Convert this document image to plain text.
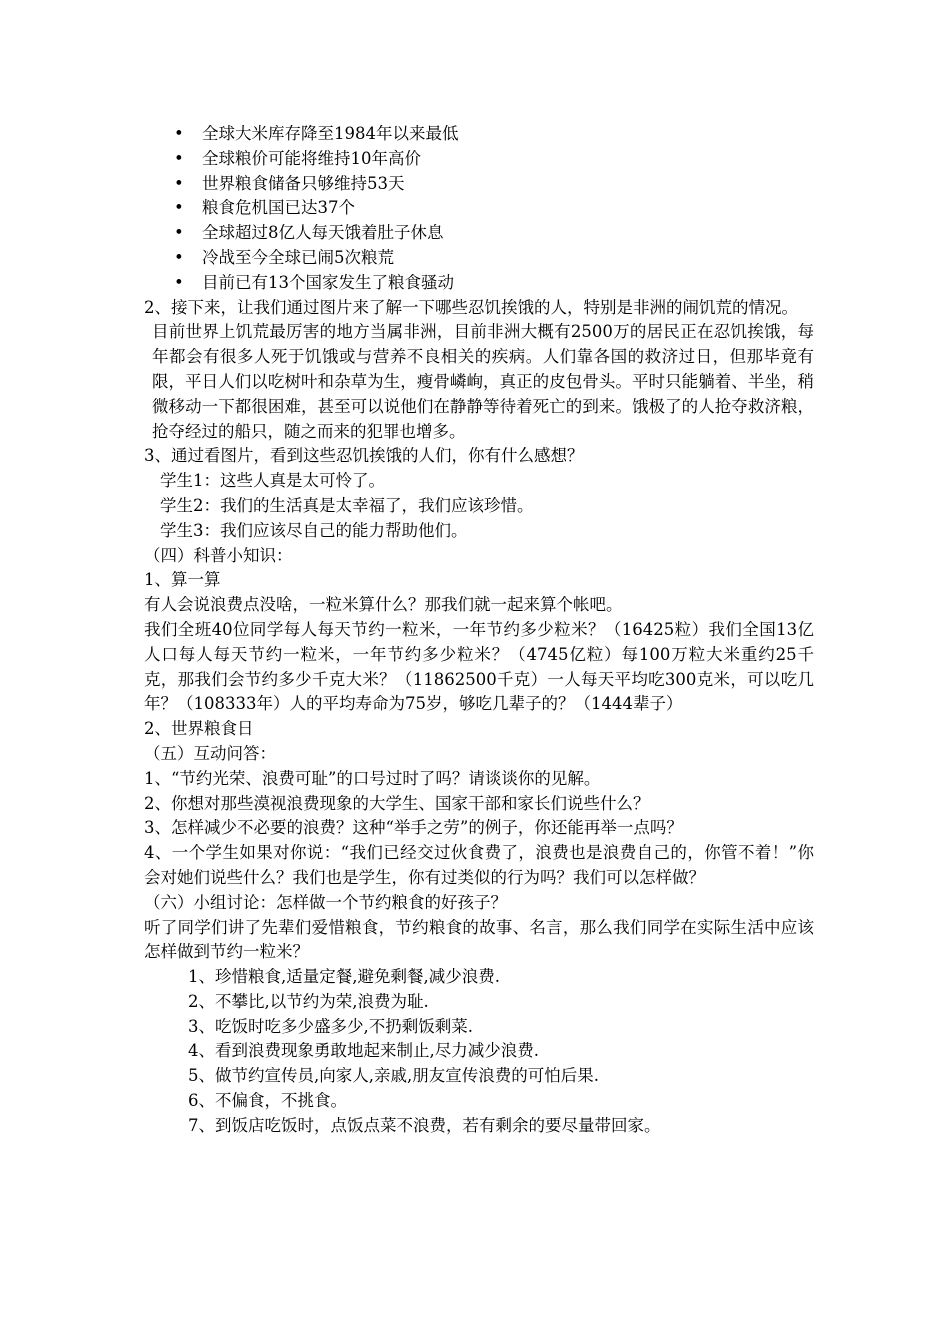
• 全球大米库存降至1984年以来最低
• 全球粮价可能将维持10年高价
• 世界粮食储备只够维持53天
• 粮食危机国已达37个
• 全球超过8亿人每天饿着肚子休息
• 冷战至今全球已闹5次粮荒
• 目前已有13个国家发生了粮食骚动

2、接下来，让我们通过图片来了解一下哪些忍饥挨饿的人，特别是非洲的闹饥荒的情况。

目前世界上饥荒最厉害的地方当属非洲，目前非洲大概有2500万的居民正在忍饥挨饿，每年都会有很多人死于饥饿或与营养不良相关的疾病。人们靠各国的救济过日，但那毕竟有限，平日人们以吃树叶和杂草为生，瘦骨嶙峋，真正的皮包骨头。平时只能躺着、半坐，稍微移动一下都很困难，甚至可以说他们在静静等待着死亡的到来。饿极了的人抢夺救济粮，抢夺经过的船只，随之而来的犯罪也增多。

3、通过看图片，看到这些忍饥挨饿的人们，你有什么感想？

学生1：这些人真是太可怜了。

学生2：我们的生活真是太幸福了，我们应该珍惜。

学生3：我们应该尽自己的能力帮助他们。

（四）科普小知识：

1、算一算

有人会说浪费点没啥，一粒米算什么？那我们就一起来算个帐吧。

我们全班40位同学每人每天节约一粒米，一年节约多少粒米？（16425粒）我们全国13亿人口每人每天节约一粒米，一年节约多少粒米？（4745亿粒）每100万粒大米重约25千克，那我们会节约多少千克大米？（11862500千克）一人每天平均吃300克米，可以吃几年？（108333年）人的平均寿命为75岁，够吃几辈子的？（1444辈子）

2、世界粮食日

（五）互动问答：

1、“节约光荣、浪费可耻”的口号过时了吗？请谈谈你的见解。

2、你想对那些漠视浪费现象的大学生、国家干部和家长们说些什么？

3、怎样减少不必要的浪费？这种“举手之劳”的例子，你还能再举一点吗？

4、一个学生如果对你说：“我们已经交过伙食费了，浪费也是浪费自己的，你管不着！”你会对她们说些什么？我们也是学生，你有过类似的行为吗？我们可以怎样做？

（六）小组讨论：怎样做一个节约粮食的好孩子？

听了同学们讲了先辈们爱惜粮食，节约粮食的故事、名言，那么我们同学在实际生活中应该怎样做到节约一粒米？

1、珍惜粮食,适量定餐,避免剩餐,减少浪费.
2、不攀比,以节约为荣,浪费为耻.
3、吃饭时吃多少盛多少,不扔剩饭剩菜.
4、看到浪费现象勇敢地起来制止,尽力减少浪费.
5、做节约宣传员,向家人,亲戚,朋友宣传浪费的可怕后果.
6、不偏食，不挑食。
7、到饭店吃饭时，点饭点菜不浪费，若有剩余的要尽量带回家。
